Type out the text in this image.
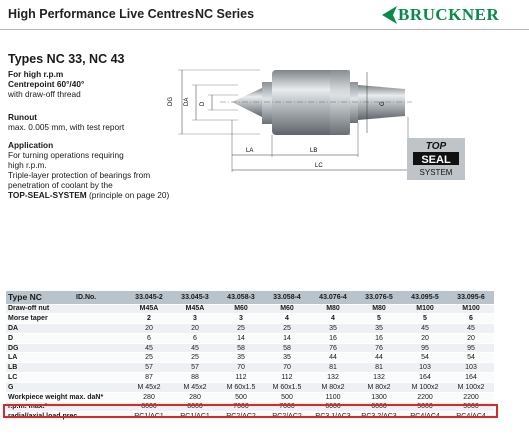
High Performance Live Centres NC Series	BRUCKNER
Types NC 33, NC 43
For high r.p.m
Centrepoint 60°/40°
with draw-off thread
Runout
max. 0.005 mm, with test report
Application
For turning operations requiring
high r.p.m.
Triple-layer protection of bearings from
penetration of coolant by the
TOP-SEAL-SYSTEM (principle on page 20)
DG DA D	G
LA	LB
LC
TOP
SEAL
SYSTEM
Type NC	ID.No.	33.045-2	33.045-3	43.058-3	33.058-4	43.076-4	33.076-5	43.095-5	33.095-6
Draw-off nut		M45A	M45A	M60	M60	M80	M80	M100	M100
Morse taper		2	3	3	4	4	5	5	6
DA		20	20	25	25	35	35	45	45
D		6	6	14	14	16	16	20	20
DG		45	45	58	58	76	76	95	95
LA		25	25	35	35	44	44	54	54
LB		57	57	70	70	81	81	103	103
LC		87	88	112	112	132	132	164	164
G		M 45x2	M 45x2	M 60x1.5	M 60x1.5	M 80x2	M 80x2	M 100x2	M 100x2
Workpiece weight max. daN*		280	280	500	500	1100	1300	2200	2200
r.p.m. max.*		8000	8000	7000	7000	6000	6000	5000	5000
radial/axial load prec.		RC1/AC1	RC1/AC1	RC2/AC2	RC2/AC2	RC3.1/AC3	RC3.2/AC3	RC4/AC4	RC4/AC4
